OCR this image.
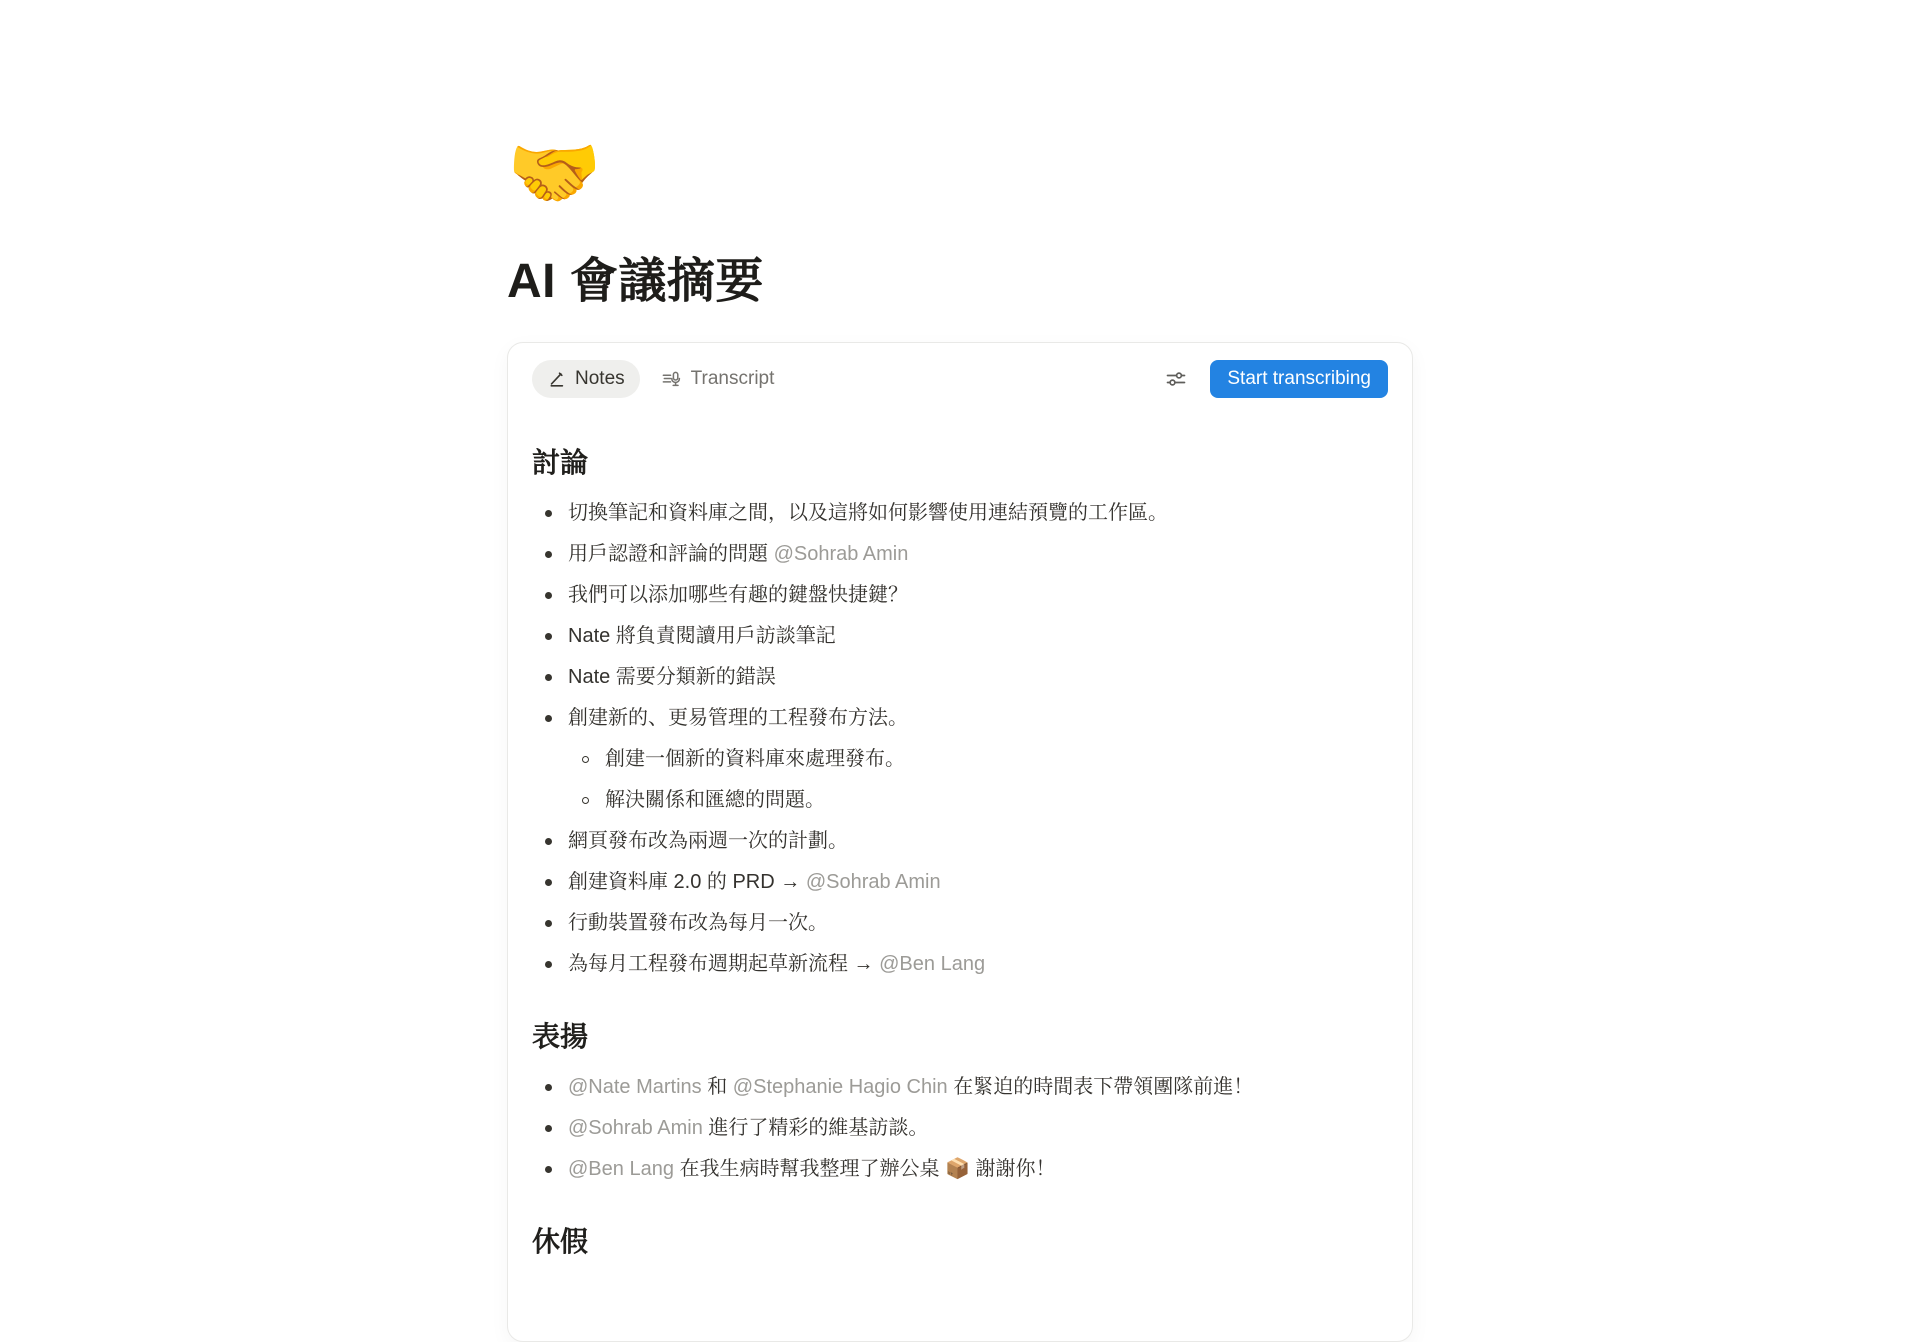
🤝
AI 會議摘要
Notes	Transcript	Start transcribing
討論
切換筆記和資料庫之間，以及這將如何影響使用連結預覽的工作區。
用戶認證和評論的問題 @Sohrab Amin
我們可以添加哪些有趣的鍵盤快捷鍵？
Nate 將負責閱讀用戶訪談筆記
Nate 需要分類新的錯誤
創建新的、更易管理的工程發布方法。
創建一個新的資料庫來處理發布。
解決關係和匯總的問題。
網頁發布改為兩週一次的計劃。
創建資料庫 2.0 的 PRD → @Sohrab Amin
行動裝置發布改為每月一次。
為每月工程發布週期起草新流程 → @Ben Lang
表揚
@Nate Martins 和 @Stephanie Hagio Chin 在緊迫的時間表下帶領團隊前進！
@Sohrab Amin 進行了精彩的維基訪談。
@Ben Lang 在我生病時幫我整理了辦公桌 📦 謝謝你！
休假
